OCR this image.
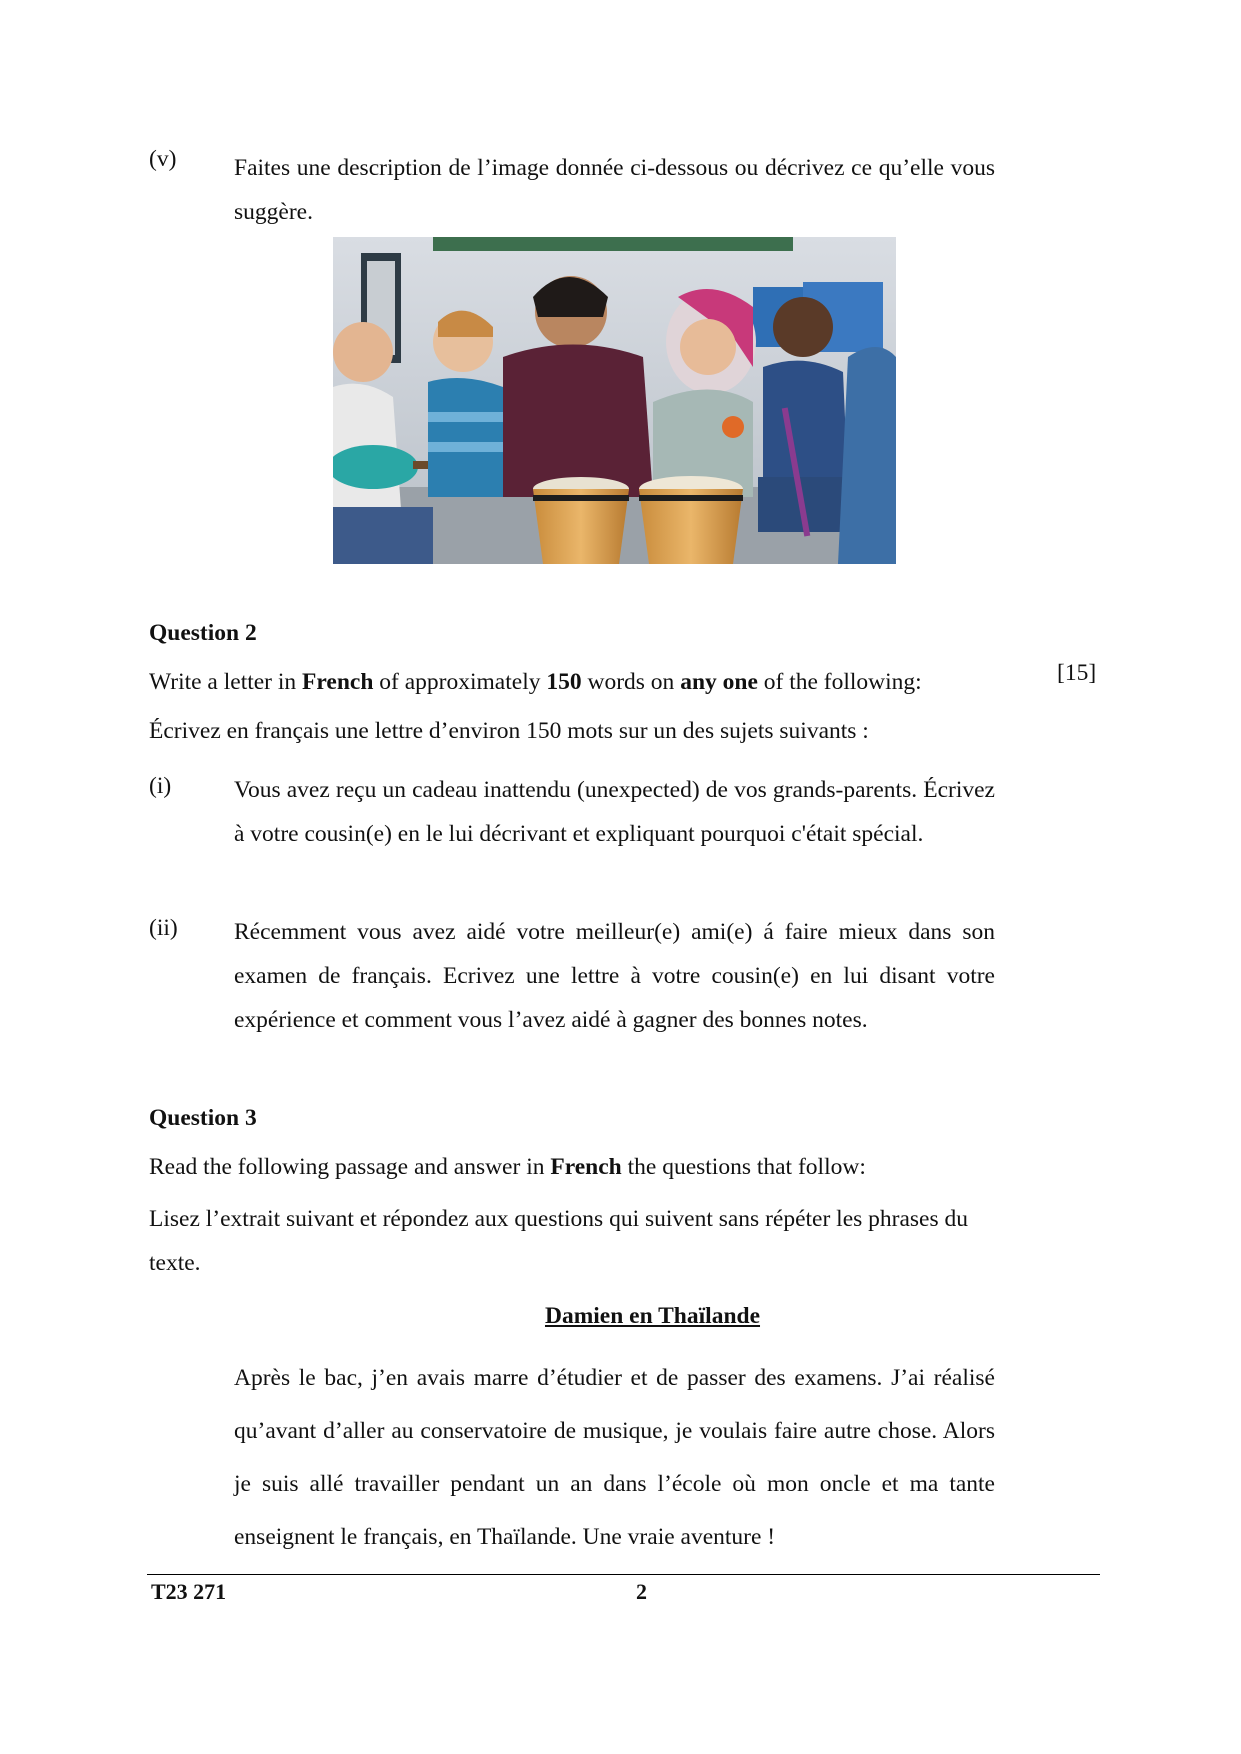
(v) Faites une description de l’image donnée ci-dessous ou décrivez ce qu’elle vous suggère.
Question 2
Write a letter in French of approximately 150 words on any one of the following:	[15]
Écrivez en français une lettre d’environ 150 mots sur un des sujets suivants :
(i)	Vous avez reçu un cadeau inattendu (unexpected) de vos grands-parents. Écrivez à votre cousin(e) en le lui décrivant et expliquant pourquoi c'était spécial.
(ii) Récemment vous avez aidé votre meilleur(e) ami(e) á faire mieux dans son examen de français. Ecrivez une lettre à votre cousin(e) en lui disant votre expérience et comment vous l’avez aidé à gagner des bonnes notes.
Question 3
Read the following passage and answer in French the questions that follow:
Lisez l’extrait suivant et répondez aux questions qui suivent sans répéter les phrases du texte.
Damien en Thaïlande
Après le bac, j’en avais marre d’étudier et de passer des examens. J’ai réalisé qu’avant d’aller au conservatoire de musique, je voulais faire autre chose. Alors je suis allé travailler pendant un an dans l’école où mon oncle et ma tante enseignent le français, en Thaïlande. Une vraie aventure !
T23 271	2
